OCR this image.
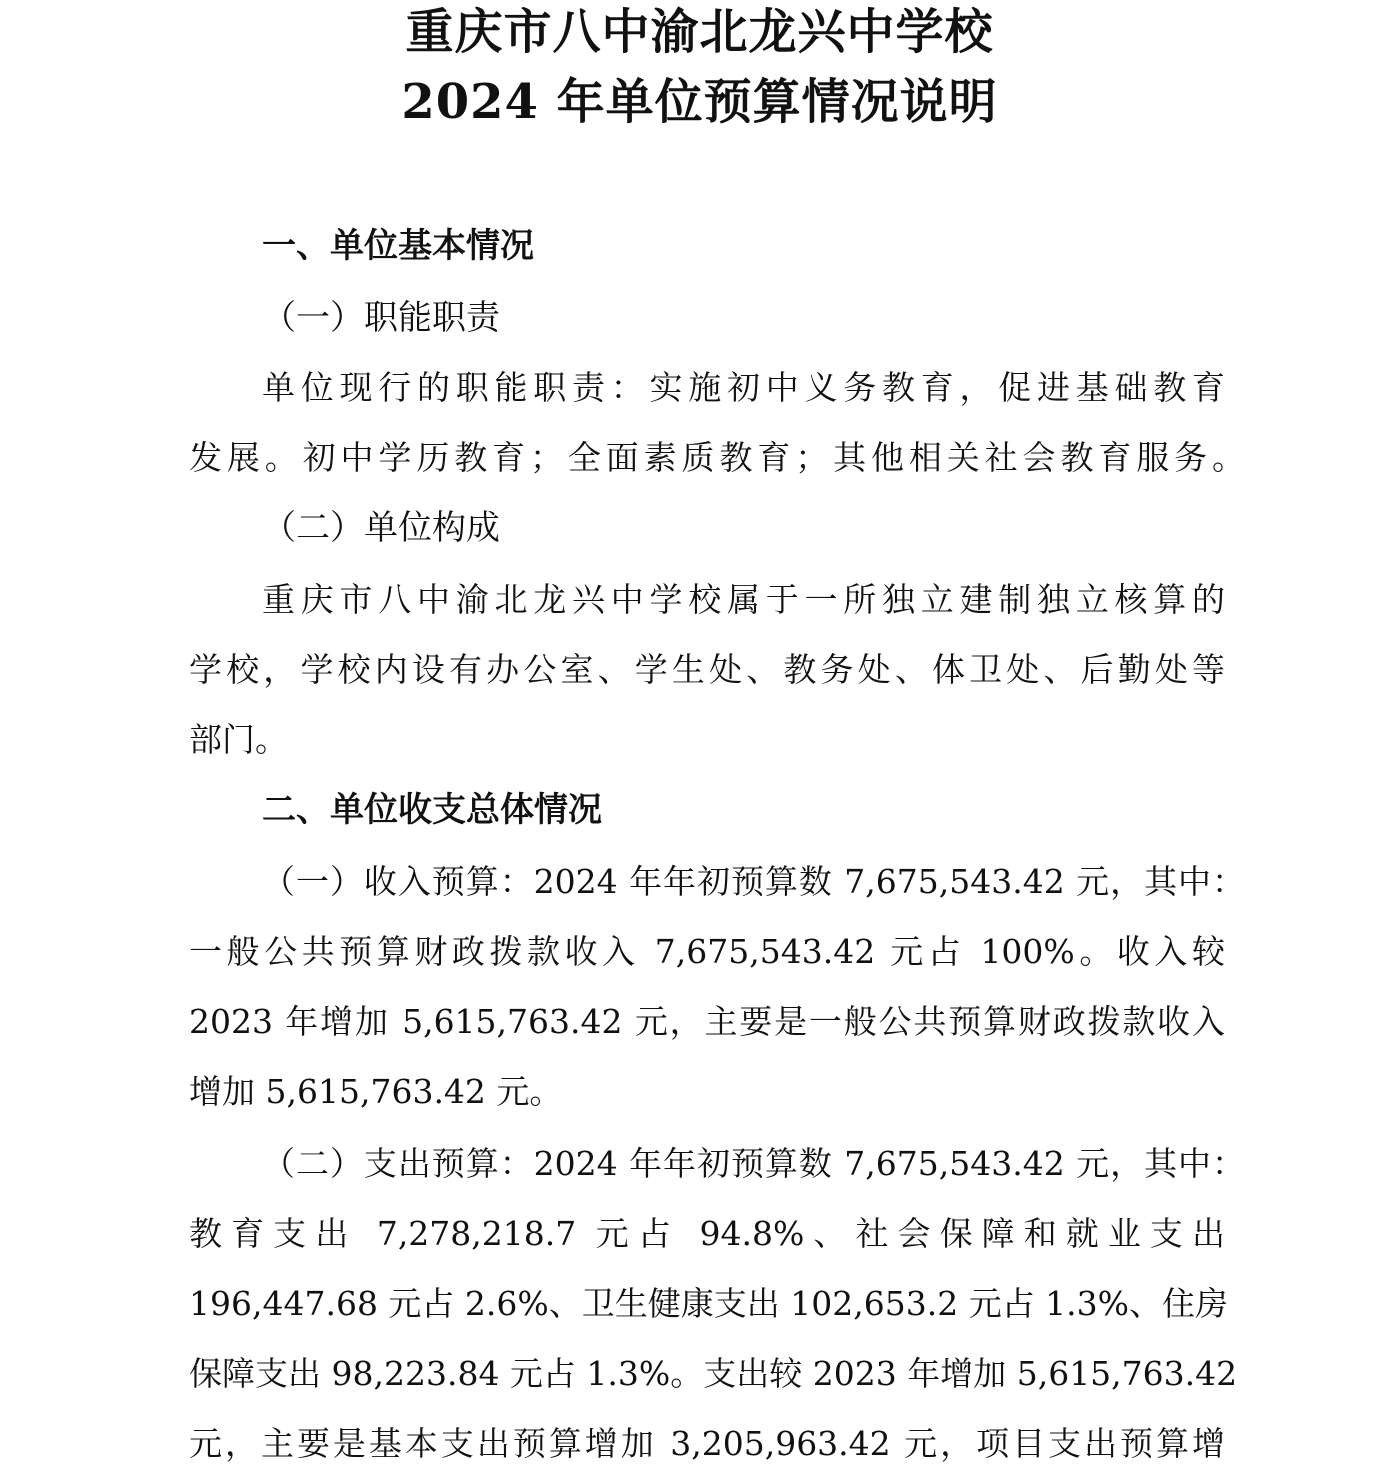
重庆市八中渝北龙兴中学校
2024 年单位预算情况说明
一、单位基本情况
（一）职能职责
单位现行的职能职责：实施初中义务教育，促进基础教育
发展。初中学历教育；全面素质教育；其他相关社会教育服务。
（二）单位构成
重庆市八中渝北龙兴中学校属于一所独立建制独立核算的
学校，学校内设有办公室、学生处、教务处、体卫处、后勤处等
部门。
二、单位收支总体情况
（一）收入预算：2024 年年初预算数 7,675,543.42 元，其中：
一般公共预算财政拨款收入 7,675,543.42 元占 100%。收入较
2023 年增加 5,615,763.42 元，主要是一般公共预算财政拨款收入
增加 5,615,763.42 元。
（二）支出预算：2024 年年初预算数 7,675,543.42 元，其中：
教育支出 7,278,218.7 元占 94.8%、社会保障和就业支出
196,447.68 元占 2.6%、卫生健康支出 102,653.2 元占 1.3%、住房
保障支出 98,223.84 元占 1.3%。支出较 2023 年增加 5,615,763.42
元，主要是基本支出预算增加 3,205,963.42 元，项目支出预算增
